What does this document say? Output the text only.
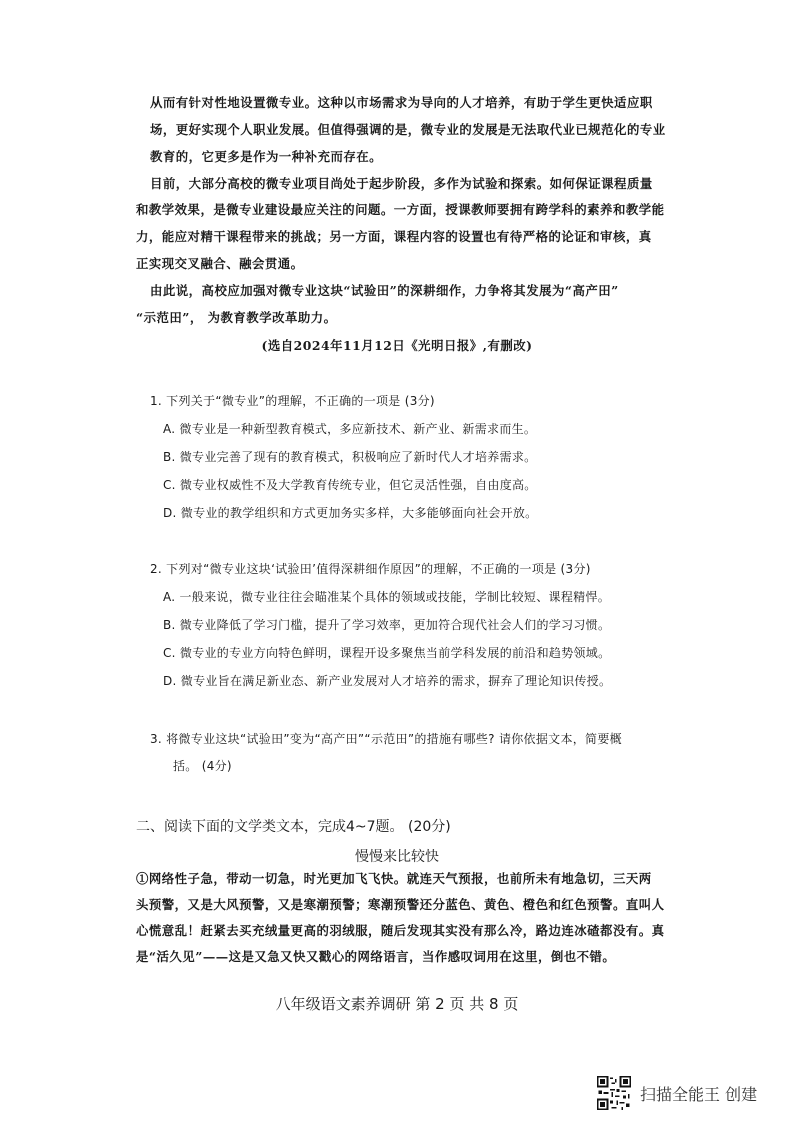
从而有针对性地设置微专业。这种以市场需求为导向的人才培养，有助于学生更快适应职
场，更好实现个人职业发展。但值得强调的是，微专业的发展是无法取代业已规范化的专业
教育的，它更多是作为一种补充而存在。
目前，大部分高校的微专业项目尚处于起步阶段，多作为试验和探索。如何保证课程质量
和教学效果，是微专业建设最应关注的问题。一方面，授课教师要拥有跨学科的素养和教学能
力，能应对精干课程带来的挑战；另一方面，课程内容的设置也有待严格的论证和审核，真
正实现交叉融合、融会贯通。
由此说，高校应加强对微专业这块“试验田”的深耕细作，力争将其发展为“高产田”
“示范田”， 为教育教学改革助力。
(选自2024年11月12日《光明日报》,有删改)
1. 下列关于“微专业”的理解，不正确的一项是 (3分)
A. 微专业是一种新型教育模式，多应新技术、新产业、新需求而生。
B. 微专业完善了现有的教育模式，积极响应了新时代人才培养需求。
C. 微专业权威性不及大学教育传统专业，但它灵活性强，自由度高。
D. 微专业的教学组织和方式更加务实多样，大多能够面向社会开放。
2. 下列对“微专业这块‘试验田’值得深耕细作原因”的理解，不正确的一项是 (3分)
A. 一般来说，微专业往往会瞄准某个具体的领域或技能，学制比较短、课程精悍。
B. 微专业降低了学习门槛，提升了学习效率，更加符合现代社会人们的学习习惯。
C. 微专业的专业方向特色鲜明，课程开设多聚焦当前学科发展的前沿和趋势领域。
D. 微专业旨在满足新业态、新产业发展对人才培养的需求，摒弃了理论知识传授。
3. 将微专业这块“试验田”变为“高产田”“示范田”的措施有哪些? 请你依据文本，简要概
括。 (4分)
二、阅读下面的文学类文本，完成4~7题。 (20分)
慢慢来比较快
①网络性子急，带动一切急，时光更加飞飞快。就连天气预报，也前所未有地急切，三天两
头预警，又是大风预警，又是寒潮预警；寒潮预警还分蓝色、黄色、橙色和红色预警。直叫人
心慌意乱！赶紧去买充绒量更高的羽绒服，随后发现其实没有那么冷，路边连冰碴都没有。真
是“活久见”——这是又急又快又戳心的网络语言，当作感叹词用在这里，倒也不错。
八年级语文素养调研 第 2 页 共 8 页
扫描全能王 创建
